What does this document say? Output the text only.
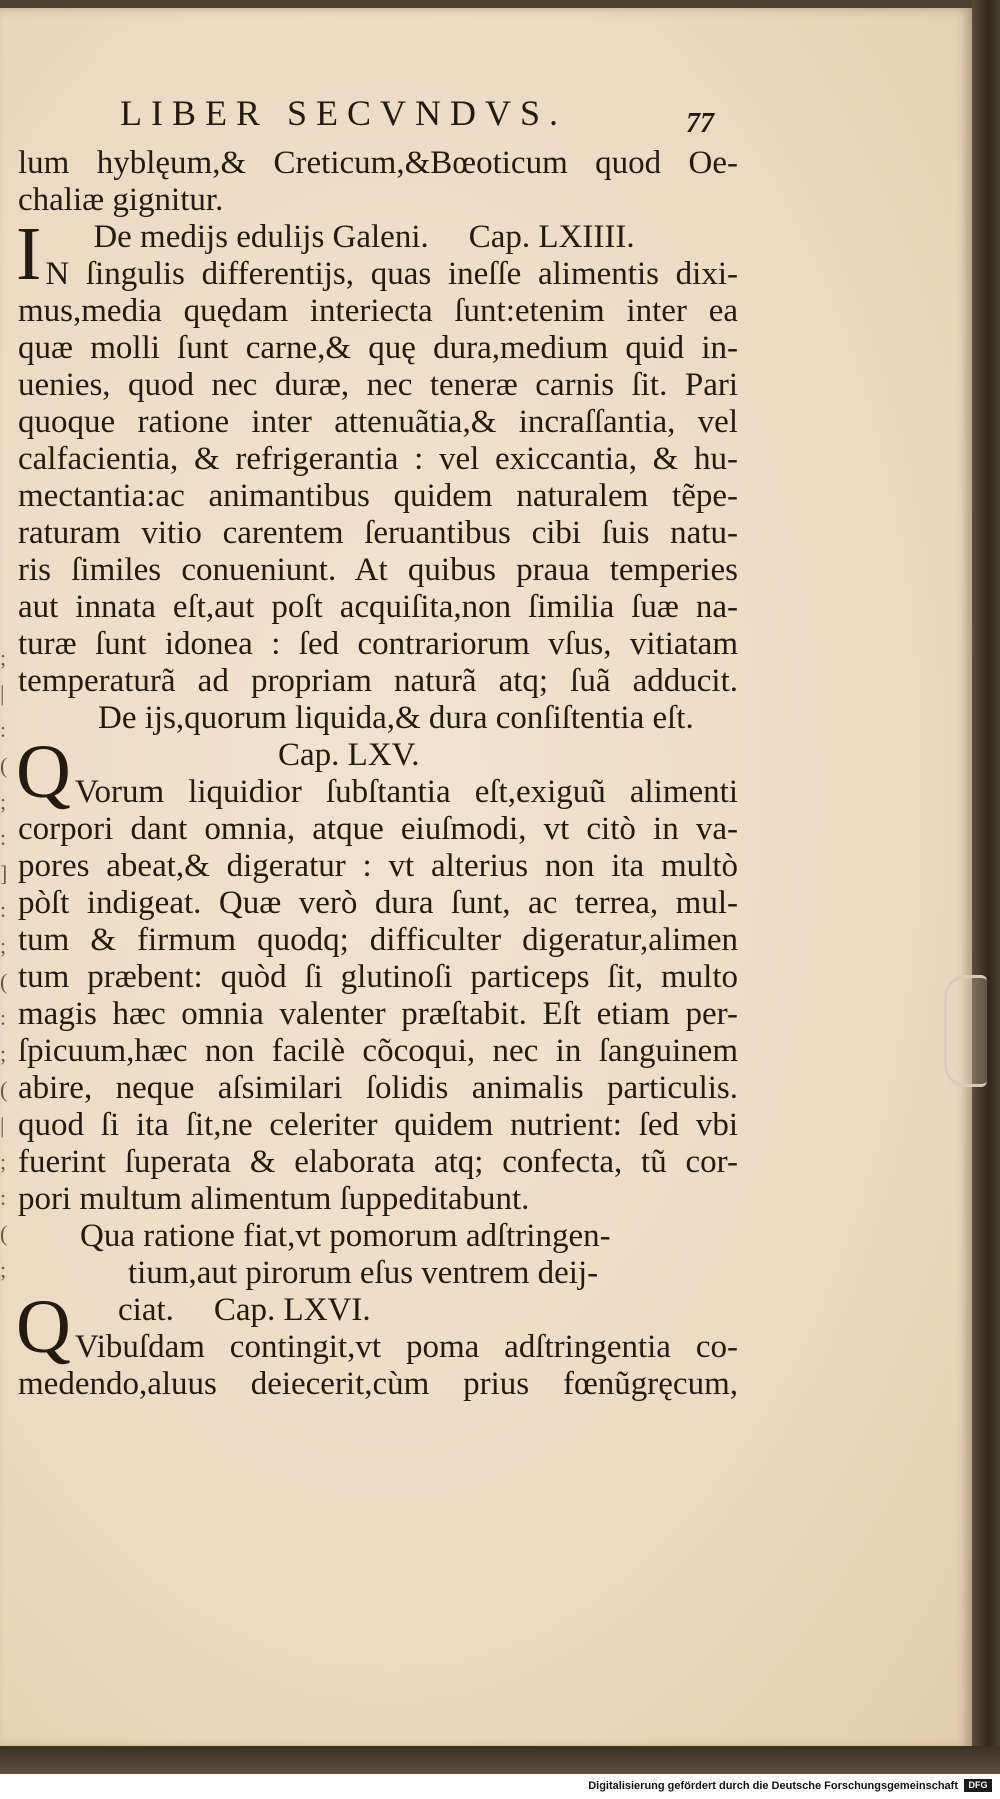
;
|
:
(
;
:
]
:
;
(
:
;
(
|
;
:
(
;
LIBER SECVNDVS.	77
lum hyblęum,& Creticum,&Bœoticum quod Oe-
chaliæ gignitur.
I	De medijs edulijs Galeni. Cap. LXIIII.
N ſingulis differentijs, quas ineſſe alimentis dixi-
mus,media quędam interiecta ſunt:etenim inter ea
quæ molli ſunt carne,& quę dura,medium quid in-
uenies, quod nec duræ, nec teneræ carnis ſit. Pari
quoque ratione inter attenuãtia,& incraſſantia, vel
calfacientia, & refrigerantia : vel exiccantia, & hu-
mectantia:ac animantibus quidem naturalem tẽpe-
raturam vitio carentem ſeruantibus cibi ſuis natu-
ris ſimiles conueniunt. At quibus praua temperies
aut innata eſt,aut poſt acquiſita,non ſimilia ſuæ na-
turæ ſunt idonea : ſed contrariorum vſus, vitiatam
temperaturã ad propriam naturã atq; ſuã adducit.
De ijs,quorum liquida,& dura conſiſtentia eſt.
Q	Cap. LXV.
Vorum liquidior ſubſtantia eſt,exiguũ alimenti
corpori dant omnia, atque eiuſmodi, vt citò in va-
pores abeat,& digeratur : vt alterius non ita multò
pòſt indigeat. Quæ verò dura ſunt, ac terrea, mul-
tum & firmum quodq; difficulter digeratur,alimen
tum præbent: quòd ſi glutinoſi particeps ſit, multo
magis hæc omnia valenter præſtabit. Eſt etiam per-
ſpicuum,hæc non facilè cõcoqui, nec in ſanguinem
abire, neque aſsimilari ſolidis animalis particulis.
quod ſi ita ſit,ne celeriter quidem nutrient: ſed vbi
fuerint ſuperata & elaborata atq; confecta, tũ cor-
pori multum alimentum ſuppeditabunt.
Qua ratione fiat,vt pomorum adſtringen-
tium,aut pirorum eſus ventrem deij-
Q	ciat. Cap. LXVI.
Vibuſdam contingit,vt poma adſtringentia co-
medendo,aluus deiecerit,cùm prius fœnũgręcum,
Digitalisierung gefördert durch die Deutsche Forschungsgemeinschaft	DFG
